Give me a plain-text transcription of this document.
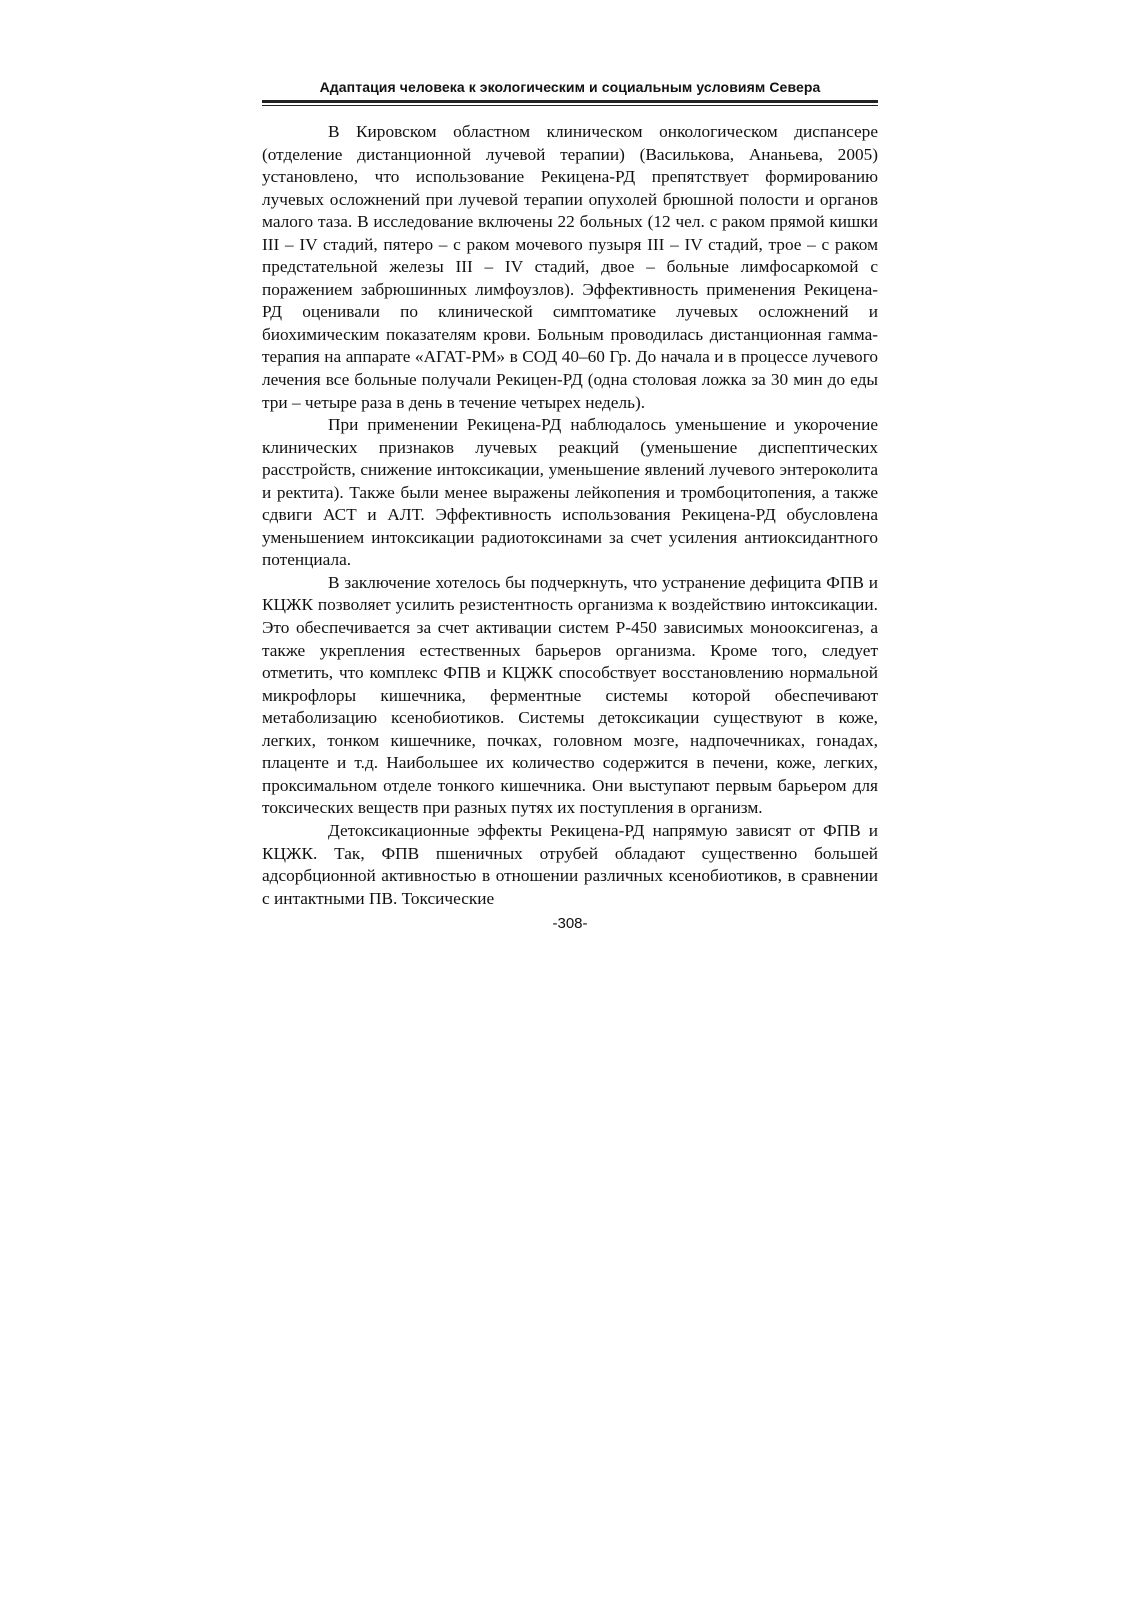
Адаптация человека к экологическим и социальным условиям Севера

В Кировском областном клиническом онкологическом диспансере (отделение дистанционной лучевой терапии) (Василькова, Ананьева, 2005) установлено, что использование Рекицена-РД препятствует формированию лучевых осложнений при лучевой терапии опухолей брюшной полости и органов малого таза. В исследование включены 22 больных (12 чел. с раком прямой кишки III – IV стадий, пятеро – с раком мочевого пузыря III – IV стадий, трое – с раком предстательной железы III – IV стадий, двое – больные лимфосаркомой с поражением забрюшинных лимфоузлов). Эффективность применения Рекицена-РД оценивали по клинической симптоматике лучевых осложнений и биохимическим показателям крови. Больным проводилась дистанционная гамма-терапия на аппарате «АГАТ-РМ» в СОД 40–60 Гр. До начала и в процессе лучевого лечения все больные получали Рекицен-РД (одна столовая ложка за 30 мин до еды три – четыре раза в день в течение четырех недель).

При применении Рекицена-РД наблюдалось уменьшение и укорочение клинических признаков лучевых реакций (уменьшение диспептических расстройств, снижение интоксикации, уменьшение явлений лучевого энтероколита и ректита). Также были менее выражены лейкопения и тромбоцитопения, а также сдвиги АСТ и АЛТ. Эффективность использования Рекицена-РД обусловлена уменьшением интоксикации радиотоксинами за счет усиления антиоксидантного потенциала.

В заключение хотелось бы подчеркнуть, что устранение дефицита ФПВ и КЦЖК позволяет усилить резистентность организма к воздействию интоксикации. Это обеспечивается за счет активации систем Р-450 зависимых монооксигеназ, а также укрепления естественных барьеров организма. Кроме того, следует отметить, что комплекс ФПВ и КЦЖК способствует восстановлению нормальной микрофлоры кишечника, ферментные системы которой обеспечивают метаболизацию ксенобиотиков. Системы детоксикации существуют в коже, легких, тонком кишечнике, почках, головном мозге, надпочечниках, гонадах, плаценте и т.д. Наибольшее их количество содержится в печени, коже, легких, проксимальном отделе тонкого кишечника. Они выступают первым барьером для токсических веществ при разных путях их поступления в организм.

Детоксикационные эффекты Рекицена-РД напрямую зависят от ФПВ и КЦЖК. Так, ФПВ пшеничных отрубей обладают существенно большей адсорбционной активностью в отношении различных ксенобиотиков, в сравнении с интактными ПВ. Токсические

-308-
